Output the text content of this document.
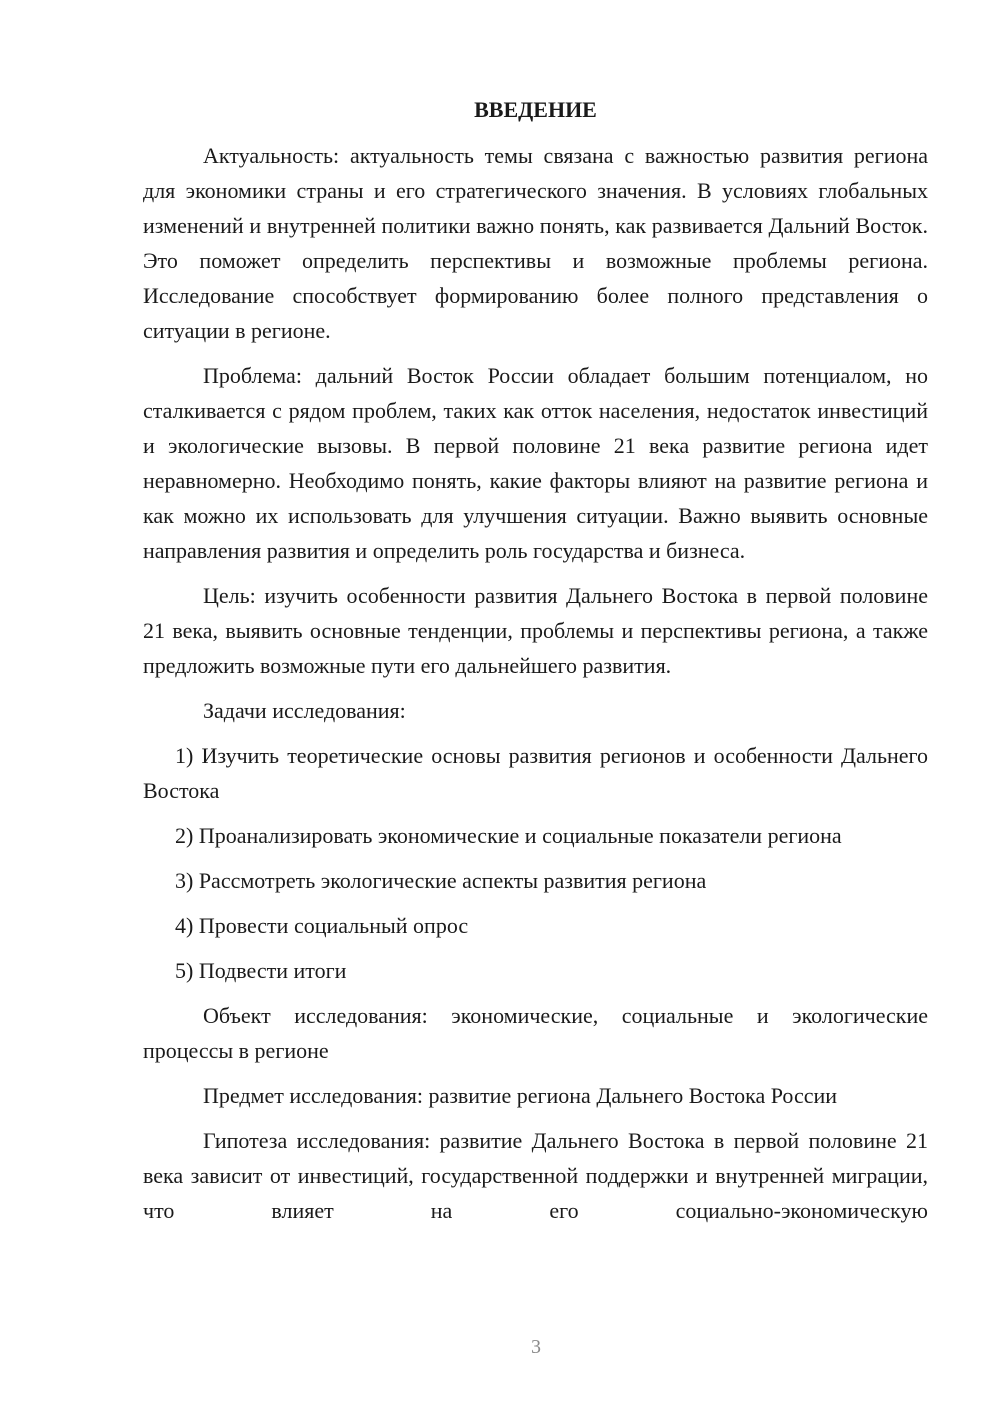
ВВЕДЕНИЕ

Актуальность: актуальность темы связана с важностью развития региона для экономики страны и его стратегического значения. В условиях глобальных изменений и внутренней политики важно понять, как развивается Дальний Восток. Это поможет определить перспективы и возможные проблемы региона. Исследование способствует формированию более полного представления о ситуации в регионе.

Проблема: дальний Восток России обладает большим потенциалом, но сталкивается с рядом проблем, таких как отток населения, недостаток инвестиций и экологические вызовы. В первой половине 21 века развитие региона идет неравномерно. Необходимо понять, какие факторы влияют на развитие региона и как можно их использовать для улучшения ситуации. Важно выявить основные направления развития и определить роль государства и бизнеса.

Цель: изучить особенности развития Дальнего Востока в первой половине 21 века, выявить основные тенденции, проблемы и перспективы региона, а также предложить возможные пути его дальнейшего развития.

Задачи исследования:

1) Изучить теоретические основы развития регионов и особенности Дальнего Востока

2) Проанализировать экономические и социальные показатели региона

3) Рассмотреть экологические аспекты развития региона

4) Провести социальный опрос

5) Подвести итоги

Объект исследования: экономические, социальные и экологические процессы в регионе

Предмет исследования: развитие региона Дальнего Востока России

Гипотеза исследования: развитие Дальнего Востока в первой половине 21 века зависит от инвестиций, государственной поддержки и внутренней миграции, что влияет на его социально-экономическую

3
